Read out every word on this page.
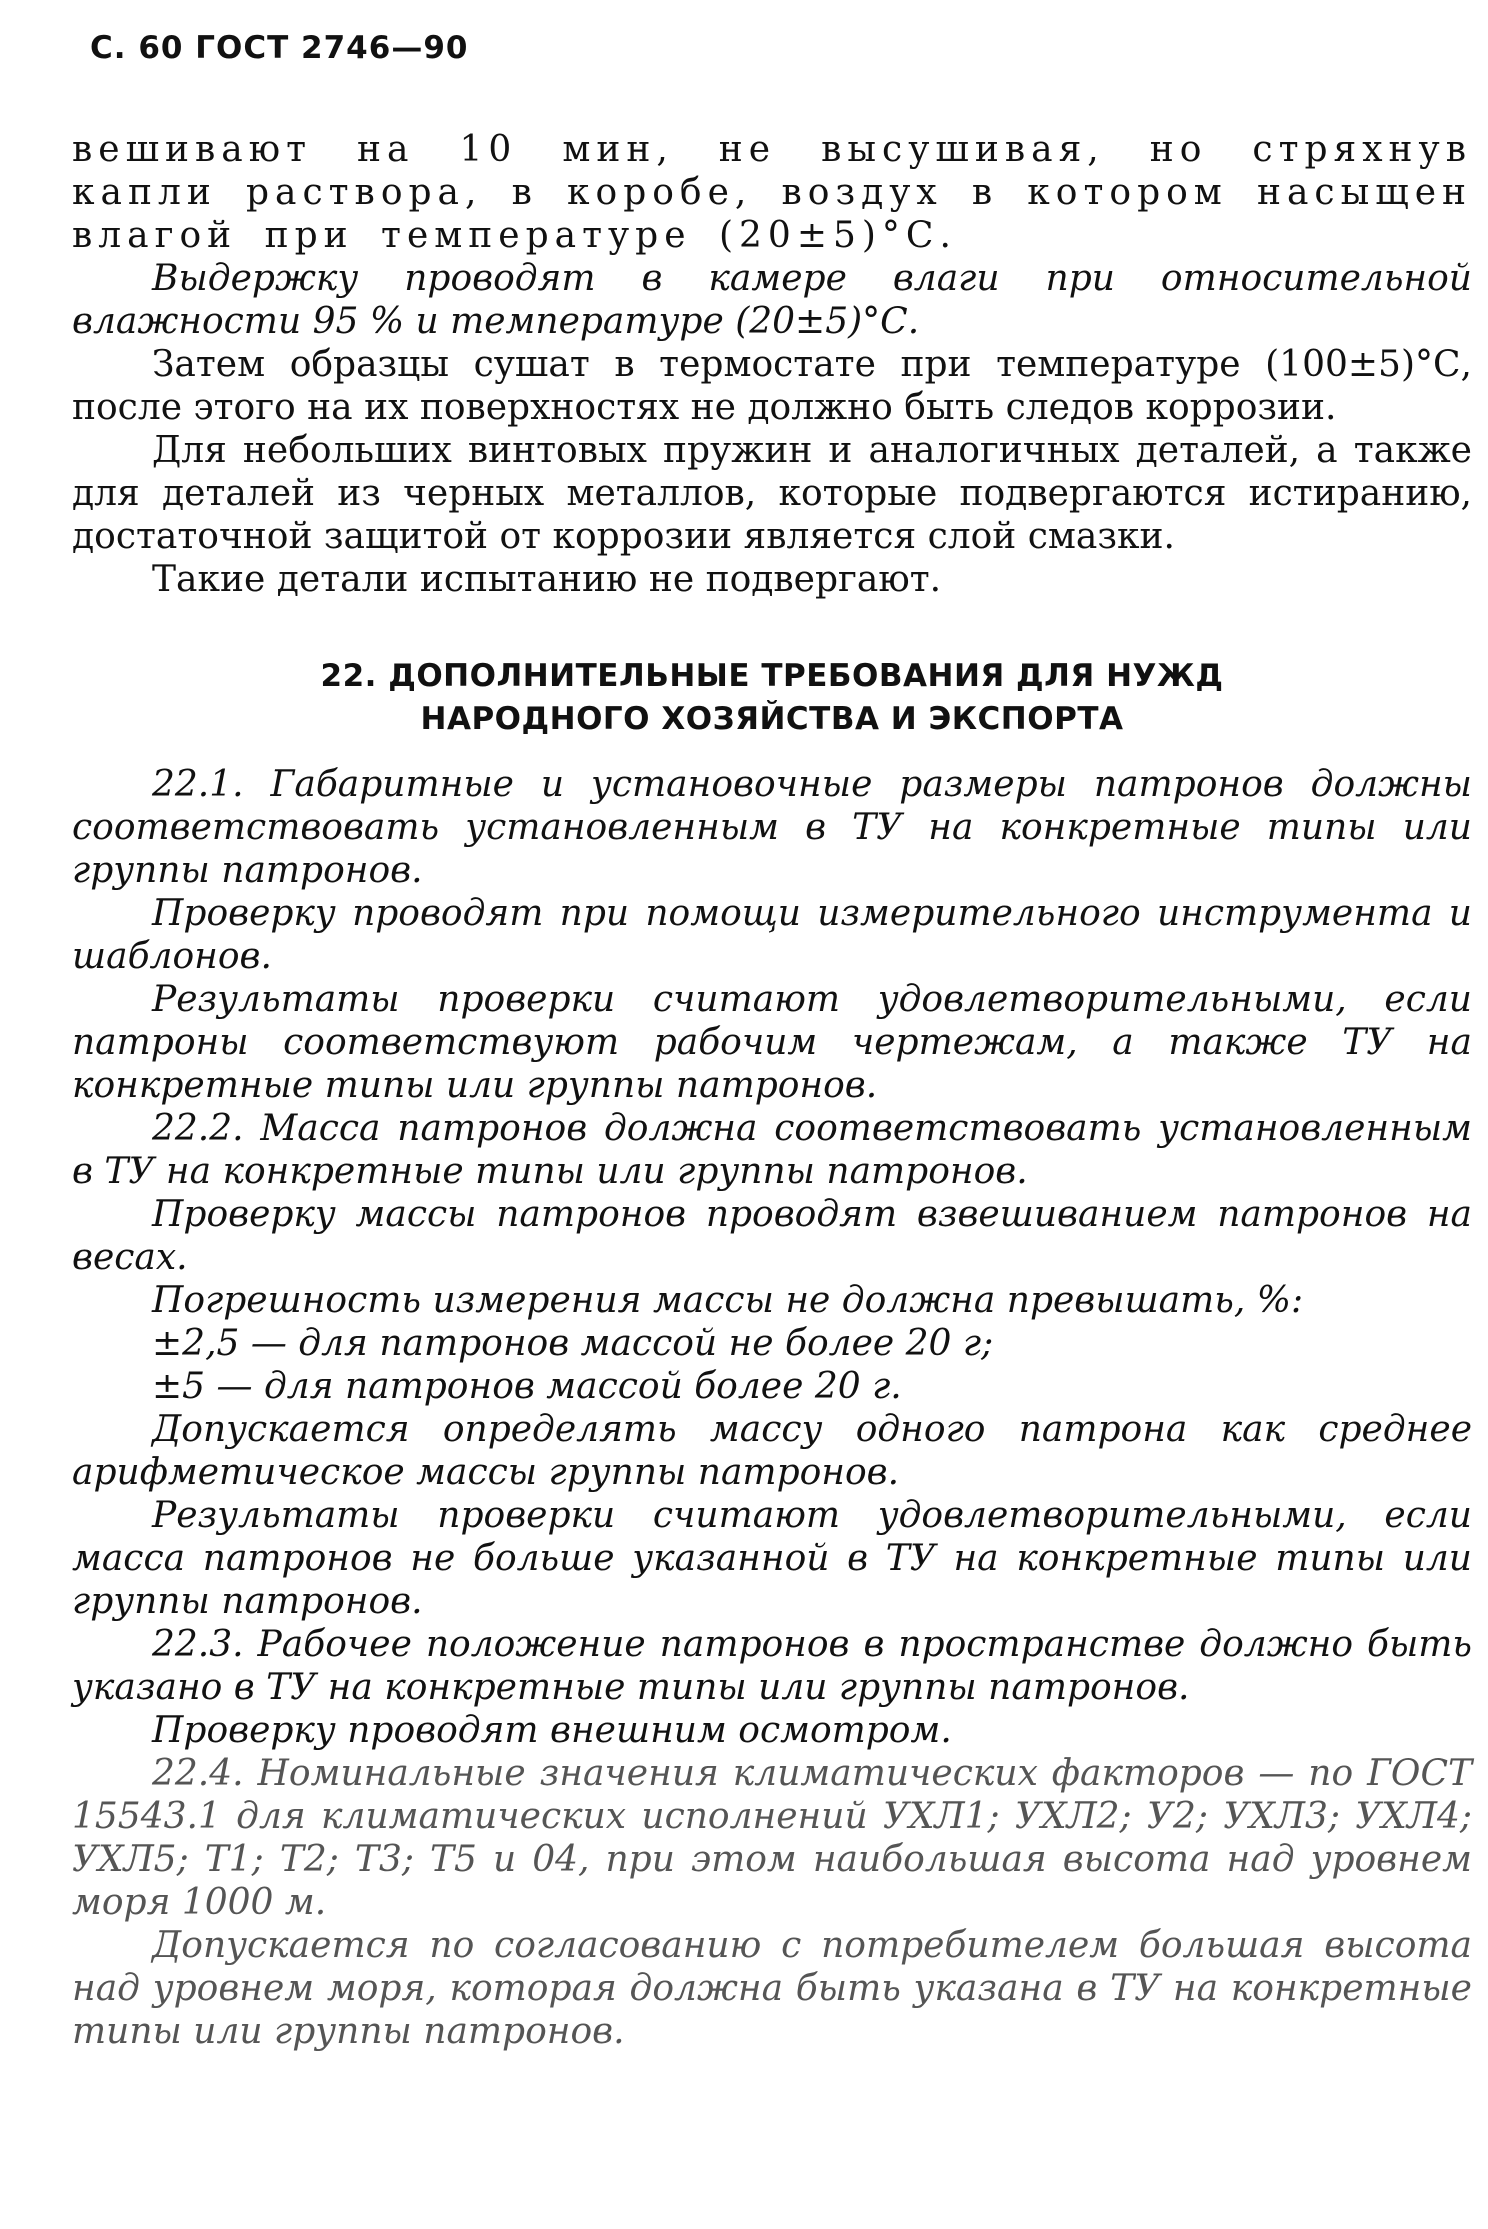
С. 60 ГОСТ 2746—90

вешивают на 10 мин, не высушивая, но стряхнув капли раствора, в коробе, воздух в котором насыщен влагой при температуре (20±5)°С.

Выдержку проводят в камере влаги при относительной влажности 95 % и температуре (20±5)°С.

Затем образцы сушат в термостате при температуре (100±5)°С, после этого на их поверхностях не должно быть следов коррозии.

Для небольших винтовых пружин и аналогичных деталей, а также для деталей из черных металлов, которые подвергаются истиранию, достаточной защитой от коррозии является слой смазки.

Такие детали испытанию не подвергают.

22. ДОПОЛНИТЕЛЬНЫЕ ТРЕБОВАНИЯ ДЛЯ НУЖД
НАРОДНОГО ХОЗЯЙСТВА И ЭКСПОРТА

22.1. Габаритные и установочные размеры патронов должны соответствовать установленным в ТУ на конкретные типы или группы патронов.

Проверку проводят при помощи измерительного инструмента и шаблонов.

Результаты проверки считают удовлетворительными, если патроны соответствуют рабочим чертежам, а также ТУ на конкретные типы или группы патронов.

22.2. Масса патронов должна соответствовать установленным в ТУ на конкретные типы или группы патронов.

Проверку массы патронов проводят взвешиванием патронов на весах.

Погрешность измерения массы не должна превышать, %:

±2,5 — для патронов массой не более 20 г;

±5 — для патронов массой более 20 г.

Допускается определять массу одного патрона как среднее арифметическое массы группы патронов.

Результаты проверки считают удовлетворительными, если масса патронов не больше указанной в ТУ на конкретные типы или группы патронов.

22.3. Рабочее положение патронов в пространстве должно быть указано в ТУ на конкретные типы или группы патронов.

Проверку проводят внешним осмотром.

22.4. Номинальные значения климатических факторов — по ГОСТ 15543.1 для климатических исполнений УХЛ1; УХЛ2; У2; УХЛ3; УХЛ4; УХЛ5; Т1; Т2; Т3; Т5 и 04, при этом наибольшая высота над уровнем моря 1000 м.

Допускается по согласованию с потребителем большая высота над уровнем моря, которая должна быть указана в ТУ на конкретные типы или группы патронов.
